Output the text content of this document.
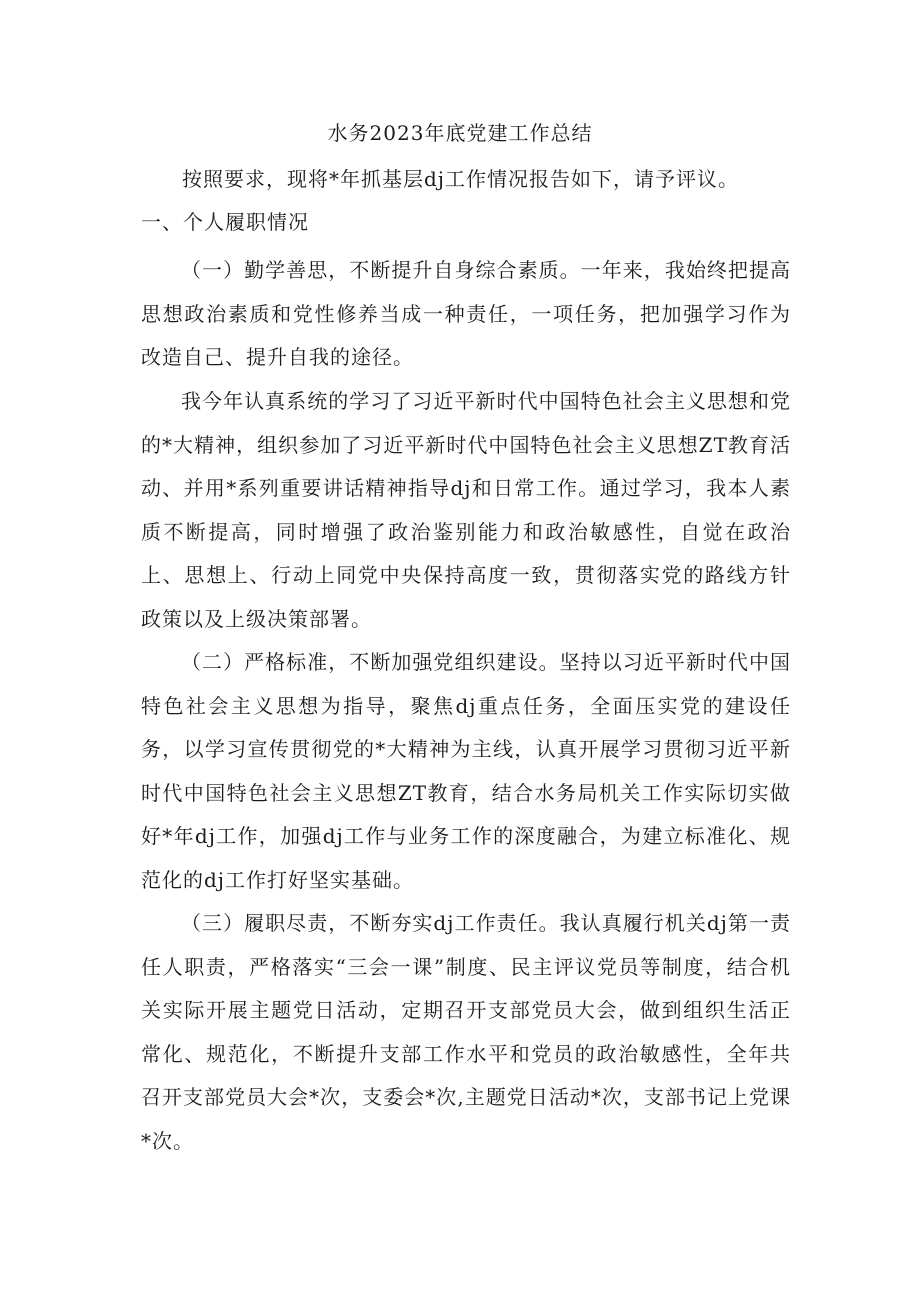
水务2023年底党建工作总结
按照要求，现将*年抓基层dj工作情况报告如下，请予评议。
一、个人履职情况

（一）勤学善思，不断提升自身综合素质。一年来，我始终把提高思想政治素质和党性修养当成一种责任，一项任务，把加强学习作为改造自己、提升自我的途径。

我今年认真系统的学习了习近平新时代中国特色社会主义思想和党的*大精神，组织参加了习近平新时代中国特色社会主义思想ZT教育活动、并用*系列重要讲话精神指导dj和日常工作。通过学习，我本人素质不断提高，同时增强了政治鉴别能力和政治敏感性，自觉在政治上、思想上、行动上同党中央保持高度一致，贯彻落实党的路线方针政策以及上级决策部署。

（二）严格标准，不断加强党组织建设。坚持以习近平新时代中国特色社会主义思想为指导，聚焦dj重点任务，全面压实党的建设任务，以学习宣传贯彻党的*大精神为主线，认真开展学习贯彻习近平新时代中国特色社会主义思想ZT教育，结合水务局机关工作实际切实做好*年dj工作，加强dj工作与业务工作的深度融合，为建立标准化、规范化的dj工作打好坚实基础。

（三）履职尽责，不断夯实dj工作责任。我认真履行机关dj第一责任人职责，严格落实“三会一课”制度、民主评议党员等制度，结合机关实际开展主题党日活动，定期召开支部党员大会，做到组织生活正常化、规范化，不断提升支部工作水平和党员的政治敏感性，全年共召开支部党员大会*次，支委会*次,主题党日活动*次，支部书记上党课*次。
